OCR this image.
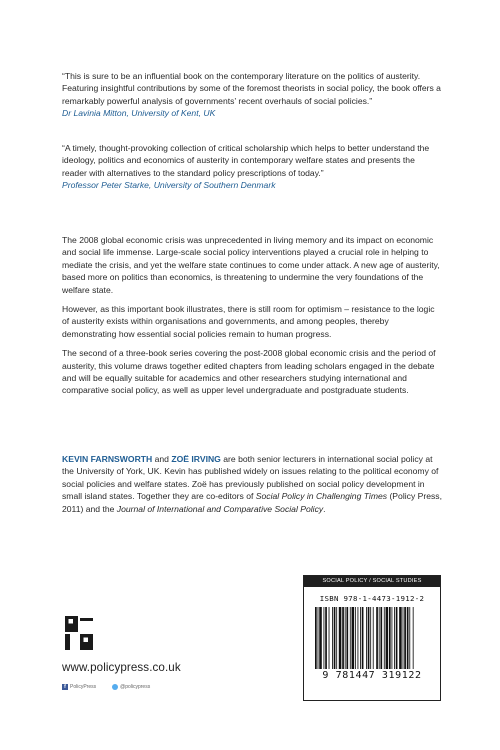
“This is sure to be an influential book on the contemporary literature on the politics of austerity. Featuring insightful contributions by some of the foremost theorists in social policy, the book offers a remarkably powerful analysis of governments’ recent overhauls of social policies.”

Dr Lavinia Mitton, University of Kent, UK

“A timely, thought-provoking collection of critical scholarship which helps to better understand the ideology, politics and economics of austerity in contemporary welfare states and presents the reader with alternatives to the standard policy prescriptions of today.”

Professor Peter Starke, University of Southern Denmark

The 2008 global economic crisis was unprecedented in living memory and its impact on economic and social life immense. Large-scale social policy interventions played a crucial role in helping to mediate the crisis, and yet the welfare state continues to come under attack. A new age of austerity, based more on politics than economics, is threatening to undermine the very foundations of the welfare state.

However, as this important book illustrates, there is still room for optimism – resistance to the logic of austerity exists within organisations and governments, and among peoples, thereby demonstrating how essential social policies remain to human progress.

The second of a three-book series covering the post-2008 global economic crisis and the period of austerity, this volume draws together edited chapters from leading scholars engaged in the debate and will be equally suitable for academics and other researchers studying international and comparative social policy, as well as upper level undergraduate and postgraduate students.

KEVIN FARNSWORTH and ZOË IRVING are both senior lecturers in international social policy at the University of York, UK. Kevin has published widely on issues relating to the political economy of social policies and welfare states. Zoë has previously published on social policy development in small island states. Together they are co-editors of Social Policy in Challenging Times (Policy Press, 2011) and the Journal of International and Comparative Social Policy.
www.policypress.co.uk
f PolicyPress	@policypress
SOCIAL POLICY / SOCIAL STUDIES
ISBN 978-1-4473-1912-2
9 781447 319122
